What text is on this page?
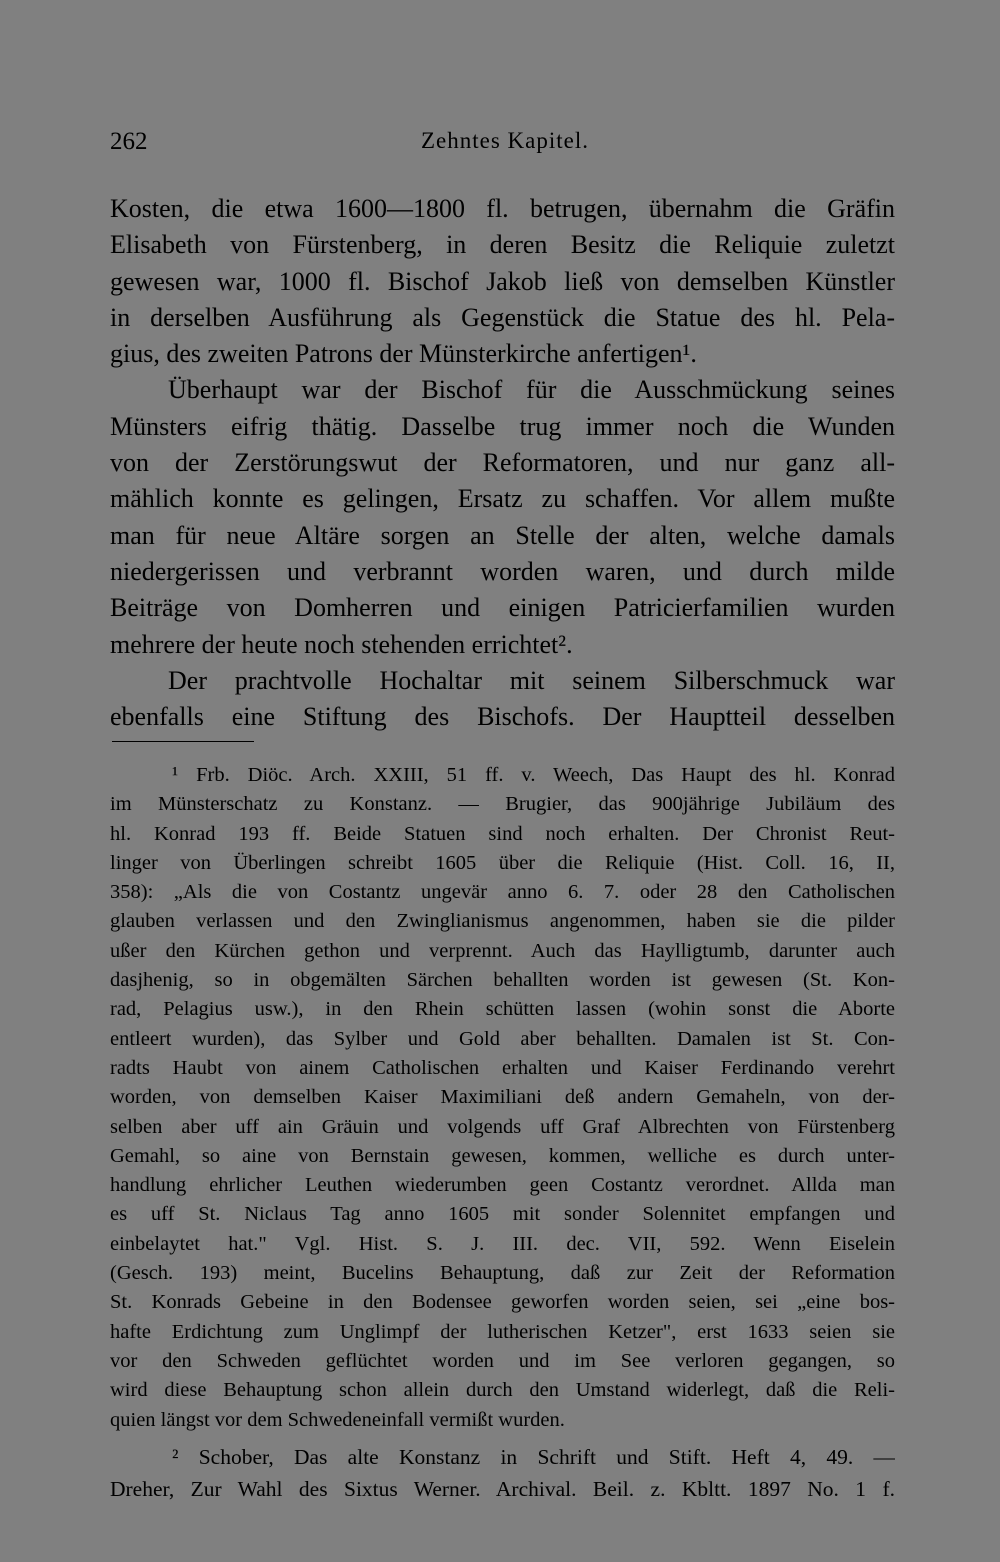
262	Zehntes Kapitel.
Kosten, die etwa 1600—1800 fl. betrugen, übernahm die Gräfin
Elisabeth von Fürstenberg, in deren Besitz die Reliquie zuletzt
gewesen war, 1000 fl. Bischof Jakob ließ von demselben Künstler
in derselben Ausführung als Gegenstück die Statue des hl. Pela-
gius, des zweiten Patrons der Münsterkirche anfertigen¹.
Überhaupt war der Bischof für die Ausschmückung seines
Münsters eifrig thätig. Dasselbe trug immer noch die Wunden
von der Zerstörungswut der Reformatoren, und nur ganz all-
mählich konnte es gelingen, Ersatz zu schaffen. Vor allem mußte
man für neue Altäre sorgen an Stelle der alten, welche damals
niedergerissen und verbrannt worden waren, und durch milde
Beiträge von Domherren und einigen Patricierfamilien wurden
mehrere der heute noch stehenden errichtet².
Der prachtvolle Hochaltar mit seinem Silberschmuck war
ebenfalls eine Stiftung des Bischofs. Der Hauptteil desselben
¹ Frb. Diöc. Arch. XXIII, 51 ff. v. Weech, Das Haupt des hl. Konrad
im Münsterschatz zu Konstanz. — Brugier, das 900jährige Jubiläum des
hl. Konrad 193 ff. Beide Statuen sind noch erhalten. Der Chronist Reut-
linger von Überlingen schreibt 1605 über die Reliquie (Hist. Coll. 16, II,
358): „Als die von Costantz ungevär anno 6. 7. oder 28 den Catholischen
glauben verlassen und den Zwinglianismus angenommen, haben sie die pilder
ußer den Kürchen gethon und verprennt. Auch das Haylligtumb, darunter auch
dasjhenig, so in obgemälten Särchen behallten worden ist gewesen (St. Kon-
rad, Pelagius usw.), in den Rhein schütten lassen (wohin sonst die Aborte
entleert wurden), das Sylber und Gold aber behallten. Damalen ist St. Con-
radts Haubt von ainem Catholischen erhalten und Kaiser Ferdinando verehrt
worden, von demselben Kaiser Maximiliani deß andern Gemaheln, von der-
selben aber uff ain Gräuin und volgends uff Graf Albrechten von Fürstenberg
Gemahl, so aine von Bernstain gewesen, kommen, welliche es durch unter-
handlung ehrlicher Leuthen wiederumben geen Costantz verordnet. Allda man
es uff St. Niclaus Tag anno 1605 mit sonder Solennitet empfangen und
einbelaytet hat." Vgl. Hist. S. J. III. dec. VII, 592. Wenn Eiselein
(Gesch. 193) meint, Bucelins Behauptung, daß zur Zeit der Reformation
St. Konrads Gebeine in den Bodensee geworfen worden seien, sei „eine bos-
hafte Erdichtung zum Unglimpf der lutherischen Ketzer", erst 1633 seien sie
vor den Schweden geflüchtet worden und im See verloren gegangen, so
wird diese Behauptung schon allein durch den Umstand widerlegt, daß die Reli-
quien längst vor dem Schwedeneinfall vermißt wurden.
² Schober, Das alte Konstanz in Schrift und Stift. Heft 4, 49. —
Dreher, Zur Wahl des Sixtus Werner. Archival. Beil. z. Kbltt. 1897 No. 1 f.
